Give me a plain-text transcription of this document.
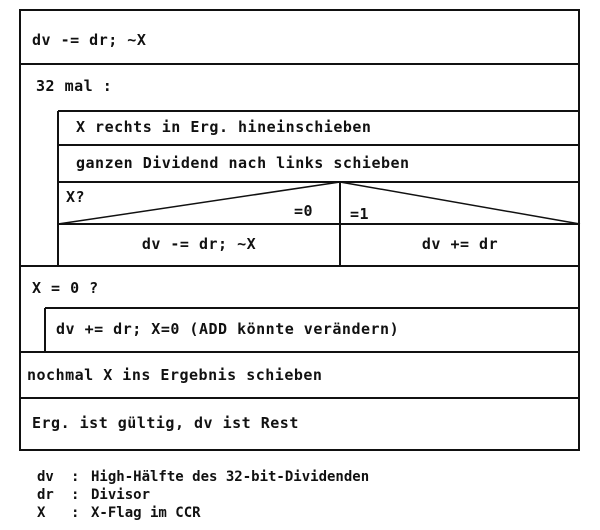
dv -= dr; ~X
32 mal :
X rechts in Erg. hineinschieben
ganzen Dividend nach links schieben
X?
=0 =1
dv -= dr; ~X	dv += dr
X = 0 ?
dv += dr; X=0 (ADD könnte verändern)
nochmal X ins Ergebnis schieben
Erg. ist gültig, dv ist Rest
dv : High-Hälfte des 32-bit-Dividenden
dr : Divisor
X : X-Flag im CCR
